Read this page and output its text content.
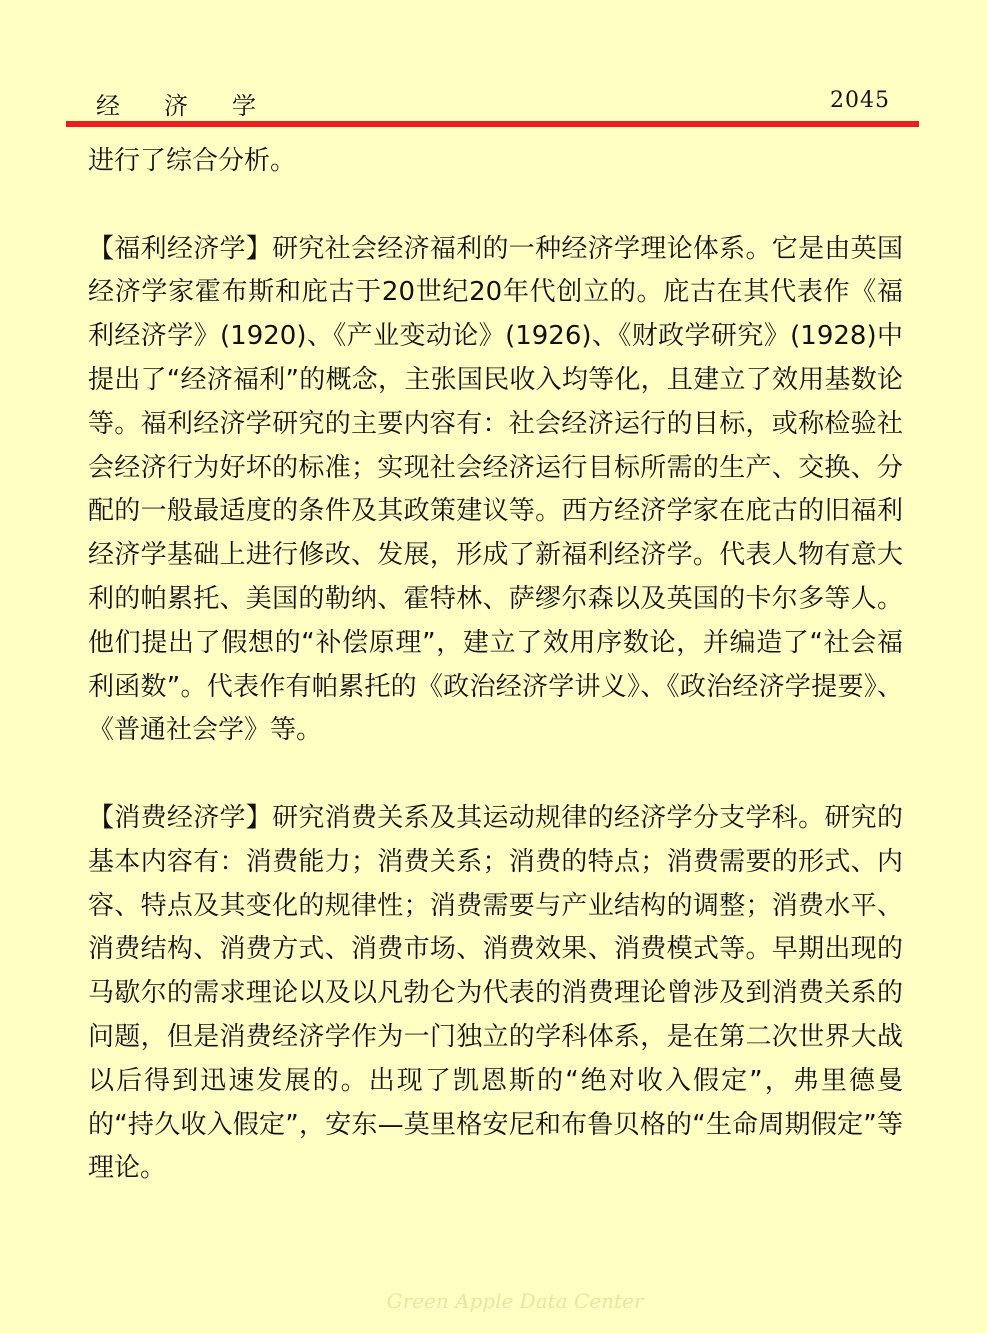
经济学	2045

进行了综合分析。

【福利经济学】研究社会经济福利的一种经济学理论体系。它是由英国经济学家霍布斯和庇古于20世纪20年代创立的。庇古在其代表作《福利经济学》(1920)、《产业变动论》(1926)、《财政学研究》(1928)中提出了“经济福利”的概念，主张国民收入均等化，且建立了效用基数论等。福利经济学研究的主要内容有：社会经济运行的目标，或称检验社会经济行为好坏的标准；实现社会经济运行目标所需的生产、交换、分配的一般最适度的条件及其政策建议等。西方经济学家在庇古的旧福利经济学基础上进行修改、发展，形成了新福利经济学。代表人物有意大利的帕累托、美国的勒纳、霍特林、萨缪尔森以及英国的卡尔多等人。他们提出了假想的“补偿原理”，建立了效用序数论，并编造了“社会福利函数”。代表作有帕累托的《政治经济学讲义》、《政治经济学提要》、《普通社会学》等。

【消费经济学】研究消费关系及其运动规律的经济学分支学科。研究的基本内容有：消费能力；消费关系；消费的特点；消费需要的形式、内容、特点及其变化的规律性；消费需要与产业结构的调整；消费水平、消费结构、消费方式、消费市场、消费效果、消费模式等。早期出现的马歇尔的需求理论以及以凡勃仑为代表的消费理论曾涉及到消费关系的问题，但是消费经济学作为一门独立的学科体系，是在第二次世界大战以后得到迅速发展的。出现了凯恩斯的“绝对收入假定”，弗里德曼的“持久收入假定”，安东—莫里格安尼和布鲁贝格的“生命周期假定”等理论。

Green Apple Data Center
